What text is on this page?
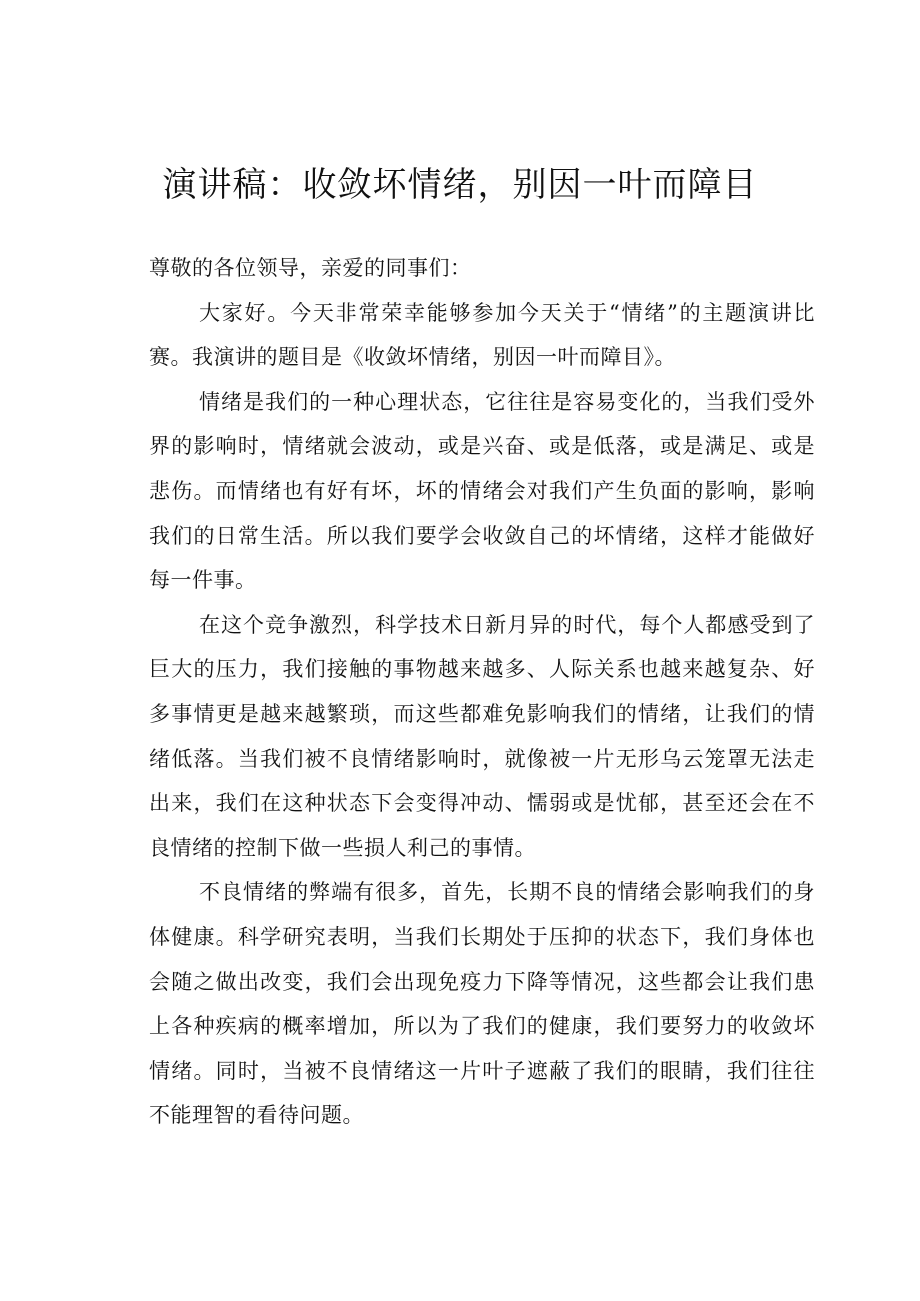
演讲稿：收敛坏情绪，别因一叶而障目

尊敬的各位领导，亲爱的同事们：

大家好。今天非常荣幸能够参加今天关于“情绪”的主题演讲比赛。我演讲的题目是《收敛坏情绪，别因一叶而障目》。

情绪是我们的一种心理状态，它往往是容易变化的，当我们受外界的影响时，情绪就会波动，或是兴奋、或是低落，或是满足、或是悲伤。而情绪也有好有坏，坏的情绪会对我们产生负面的影响，影响我们的日常生活。所以我们要学会收敛自己的坏情绪，这样才能做好每一件事。

在这个竞争激烈，科学技术日新月异的时代，每个人都感受到了巨大的压力，我们接触的事物越来越多、人际关系也越来越复杂、好多事情更是越来越繁琐，而这些都难免影响我们的情绪，让我们的情绪低落。当我们被不良情绪影响时，就像被一片无形乌云笼罩无法走出来，我们在这种状态下会变得冲动、懦弱或是忧郁，甚至还会在不良情绪的控制下做一些损人利己的事情。

不良情绪的弊端有很多，首先，长期不良的情绪会影响我们的身体健康。科学研究表明，当我们长期处于压抑的状态下，我们身体也会随之做出改变，我们会出现免疫力下降等情况，这些都会让我们患上各种疾病的概率增加，所以为了我们的健康，我们要努力的收敛坏情绪。同时，当被不良情绪这一片叶子遮蔽了我们的眼睛，我们往往不能理智的看待问题。
